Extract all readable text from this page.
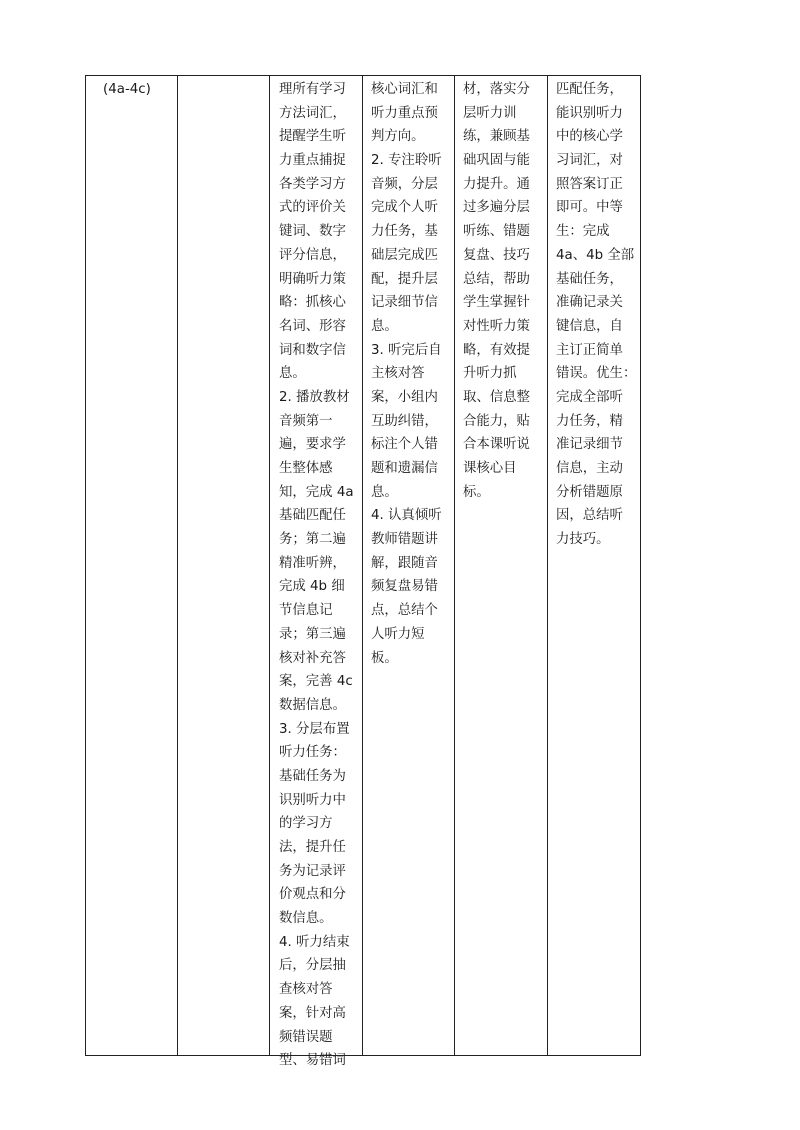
(4a-4c)	理所有学习
方法词汇，
提醒学生听
力重点捕捉
各类学习方
式的评价关
键词、数字
评分信息，
明确听力策
略：抓核心
名词、形容
词和数字信
息。
2. 播放教材
音频第一
遍，要求学
生整体感
知，完成 4a
基础匹配任
务；第二遍
精准听辨，
完成 4b 细
节信息记
录；第三遍
核对补充答
案，完善 4c
数据信息。
3. 分层布置
听力任务：
基础任务为
识别听力中
的学习方
法，提升任
务为记录评
价观点和分
数信息。
4. 听力结束
后，分层抽
查核对答
案，针对高
频错误题
型、易错词
核心词汇和
听力重点预
判方向。
2. 专注聆听
音频，分层
完成个人听
力任务，基
础层完成匹
配，提升层
记录细节信
息。
3. 听完后自
主核对答
案，小组内
互助纠错，
标注个人错
题和遗漏信
息。
4. 认真倾听
教师错题讲
解，跟随音
频复盘易错
点，总结个
人听力短
板。
材，落实分
层听力训
练，兼顾基
础巩固与能
力提升。通
过多遍分层
听练、错题
复盘、技巧
总结，帮助
学生掌握针
对性听力策
略，有效提
升听力抓
取、信息整
合能力，贴
合本课听说
课核心目
标。
匹配任务，
能识别听力
中的核心学
习词汇，对
照答案订正
即可。中等
生：完成
4a、4b 全部
基础任务，
准确记录关
键信息，自
主订正简单
错误。优生：
完成全部听
力任务，精
准记录细节
信息，主动
分析错题原
因，总结听
力技巧。
